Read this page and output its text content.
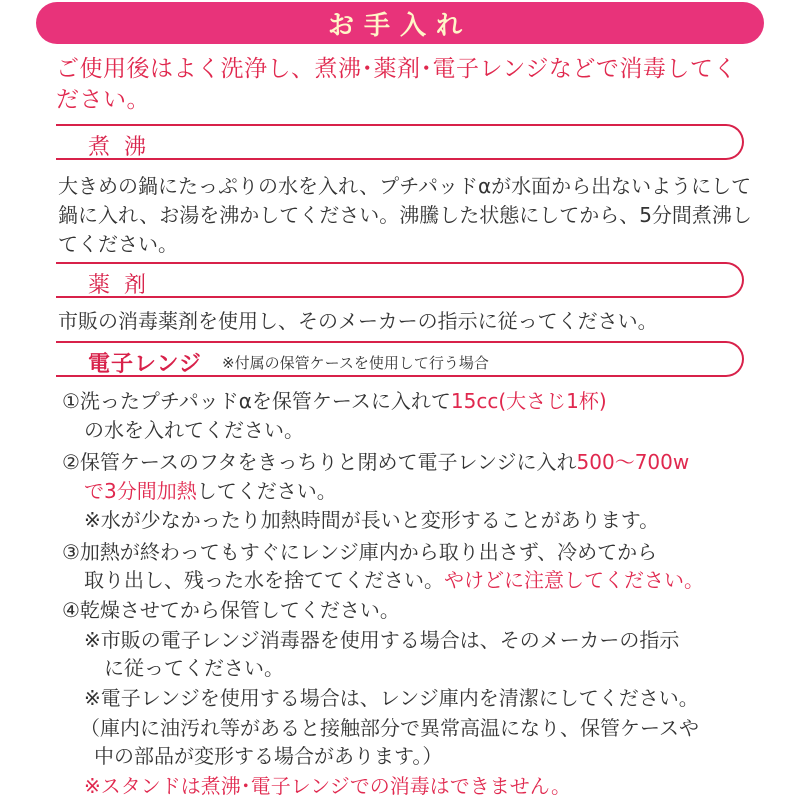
お手入れ
ご使用後はよく洗浄し、煮沸･薬剤･電子レンジなどで消毒してください。
煮沸
大きめの鍋にたっぷりの水を入れ、プチパッドαが水面から出ないようにして鍋に入れ、お湯を沸かしてください。沸騰した状態にしてから、5分間煮沸してください。
薬剤
市販の消毒薬剤を使用し、そのメーカーの指示に従ってください。
電子レンジ ※付属の保管ケースを使用して行う場合
①洗ったプチパッドαを保管ケースに入れて15cc(大さじ1杯)
の水を入れてください。
②保管ケースのフタをきっちりと閉めて電子レンジに入れ500〜700w
で3分間加熱してください。
※水が少なかったり加熱時間が長いと変形することがあります。
③加熱が終わってもすぐにレンジ庫内から取り出さず、冷めてから
取り出し、残った水を捨ててください。やけどに注意してください。
④乾燥させてから保管してください。
※市販の電子レンジ消毒器を使用する場合は、そのメーカーの指示
に従ってください。
※電子レンジを使用する場合は、レンジ庫内を清潔にしてください。
（庫内に油汚れ等があると接触部分で異常高温になり、保管ケースや
中の部品が変形する場合があります。）
※スタンドは煮沸･電子レンジでの消毒はできません。
